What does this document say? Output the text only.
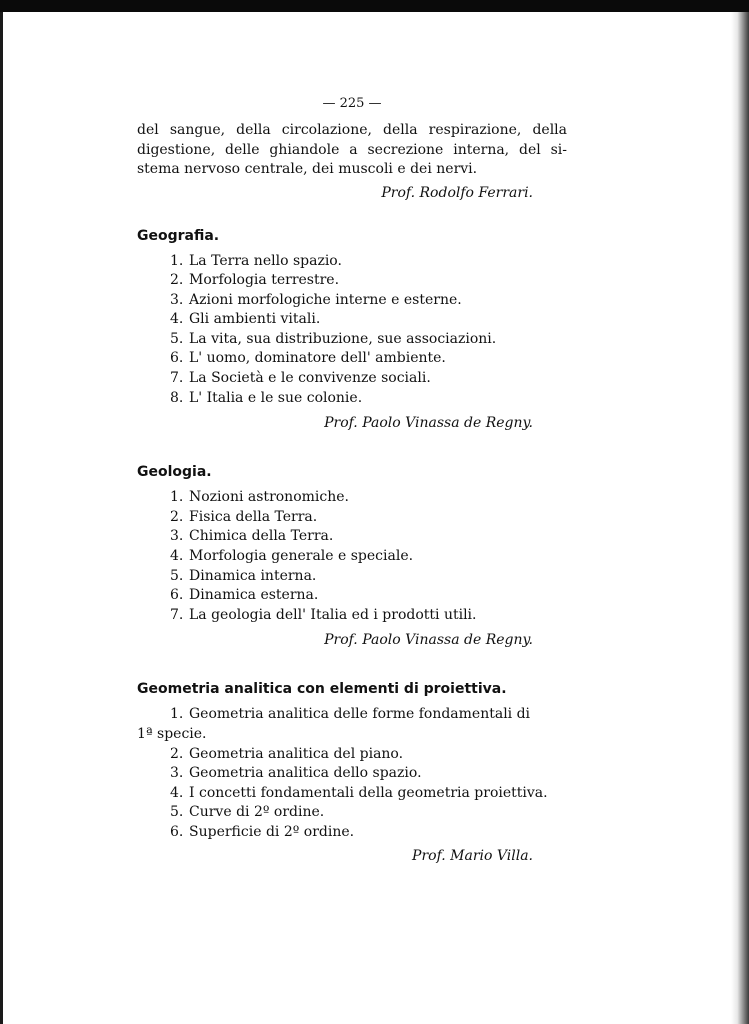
— 225 —

del sangue, della circolazione, della respirazione, della digestione, delle ghiandole a secrezione interna, del si- stema nervoso centrale, dei muscoli e dei nervi.

Prof. Rodolfo Ferrari.
Geografia.
1. La Terra nello spazio.
2. Morfologia terrestre.
3. Azioni morfologiche interne e esterne.
4. Gli ambienti vitali.
5. La vita, sua distribuzione, sue associazioni.
6. L' uomo, dominatore dell' ambiente.
7. La Società e le convivenze sociali.
8. L' Italia e le sue colonie.
Prof. Paolo Vinassa de Regny.
Geologia.
1. Nozioni astronomiche.
2. Fisica della Terra.
3. Chimica della Terra.
4. Morfologia generale e speciale.
5. Dinamica interna.
6. Dinamica esterna.
7. La geologia dell' Italia ed i prodotti utili.
Prof. Paolo Vinassa de Regny.
Geometria analitica con elementi di proiettiva.
1. Geometria analitica delle forme fondamentali di
1ª specie.
2. Geometria analitica del piano.
3. Geometria analitica dello spazio.
4. I concetti fondamentali della geometria proiettiva.
5. Curve di 2º ordine.
6. Superficie di 2º ordine.
Prof. Mario Villa.
